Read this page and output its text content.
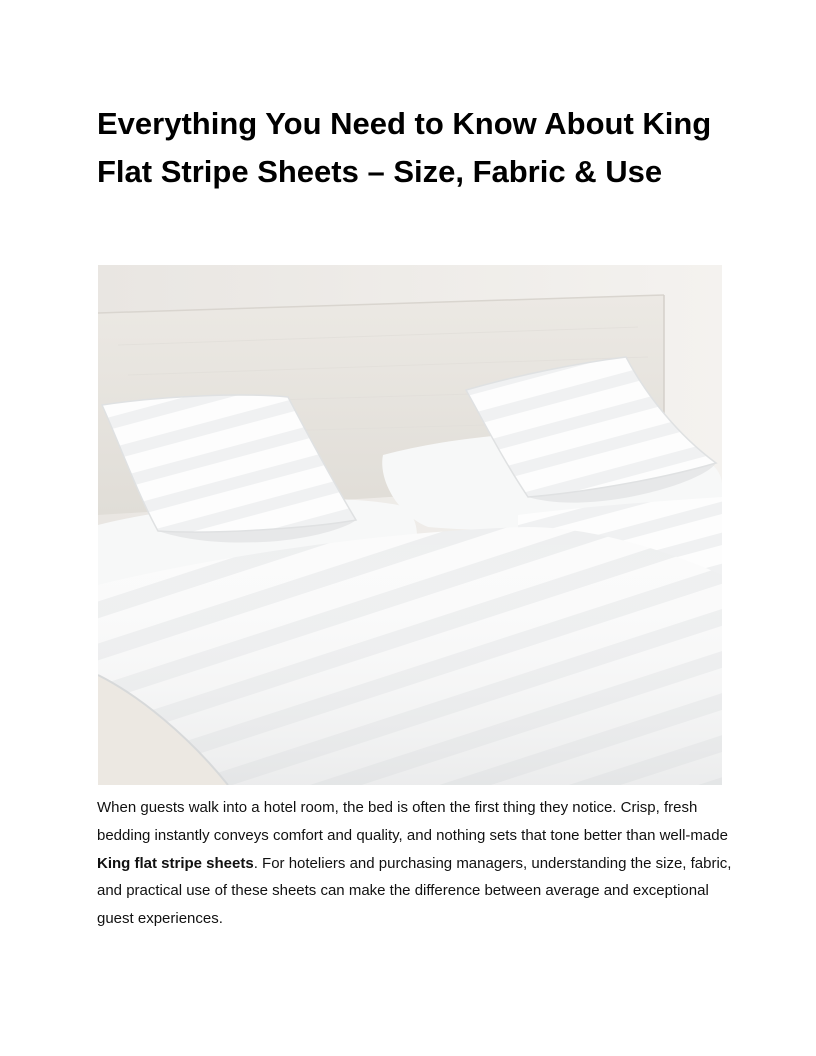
Everything You Need to Know About King Flat Stripe Sheets – Size, Fabric & Use

When guests walk into a hotel room, the bed is often the first thing they notice. Crisp, fresh bedding instantly conveys comfort and quality, and nothing sets that tone better than well-made King flat stripe sheets. For hoteliers and purchasing managers, understanding the size, fabric, and practical use of these sheets can make the difference between average and exceptional guest experiences.
